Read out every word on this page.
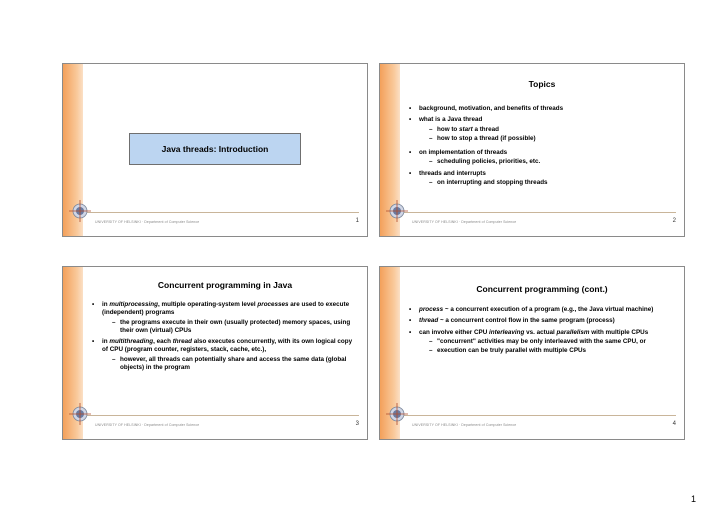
Java threads: Introduction
UNIVERSITY OF HELSINKI · Department of Computer Science	1
Topics
• background, motivation, and benefits of threads
• what is a Java thread
– how to start a thread
– how to stop a thread (if possible)
• on implementation of threads
– scheduling policies, priorities, etc.
• threads and interrupts
– on interrupting and stopping threads
UNIVERSITY OF HELSINKI · Department of Computer Science	2
Concurrent programming in Java
• in multiprocessing, multiple operating-system level processes are used to execute (independent) programs
– the programs execute in their own (usually protected) memory spaces, using their own (virtual) CPUs
• in multithreading, each thread also executes concurrently, with its own logical copy of CPU (program counter, registers, stack, cache, etc.),
– however, all threads can potentially share and access the same data (global objects) in the program
UNIVERSITY OF HELSINKI · Department of Computer Science	3
Concurrent programming (cont.)
• process ~ a concurrent execution of a program (e.g., the Java virtual machine)
• thread ~ a concurrent control flow in the same program (process)
• can involve either CPU interleaving vs. actual parallelism with multiple CPUs
– "concurrent" activities may be only interleaved with the same CPU, or
– execution can be truly parallel with multiple CPUs
UNIVERSITY OF HELSINKI · Department of Computer Science	4
1
